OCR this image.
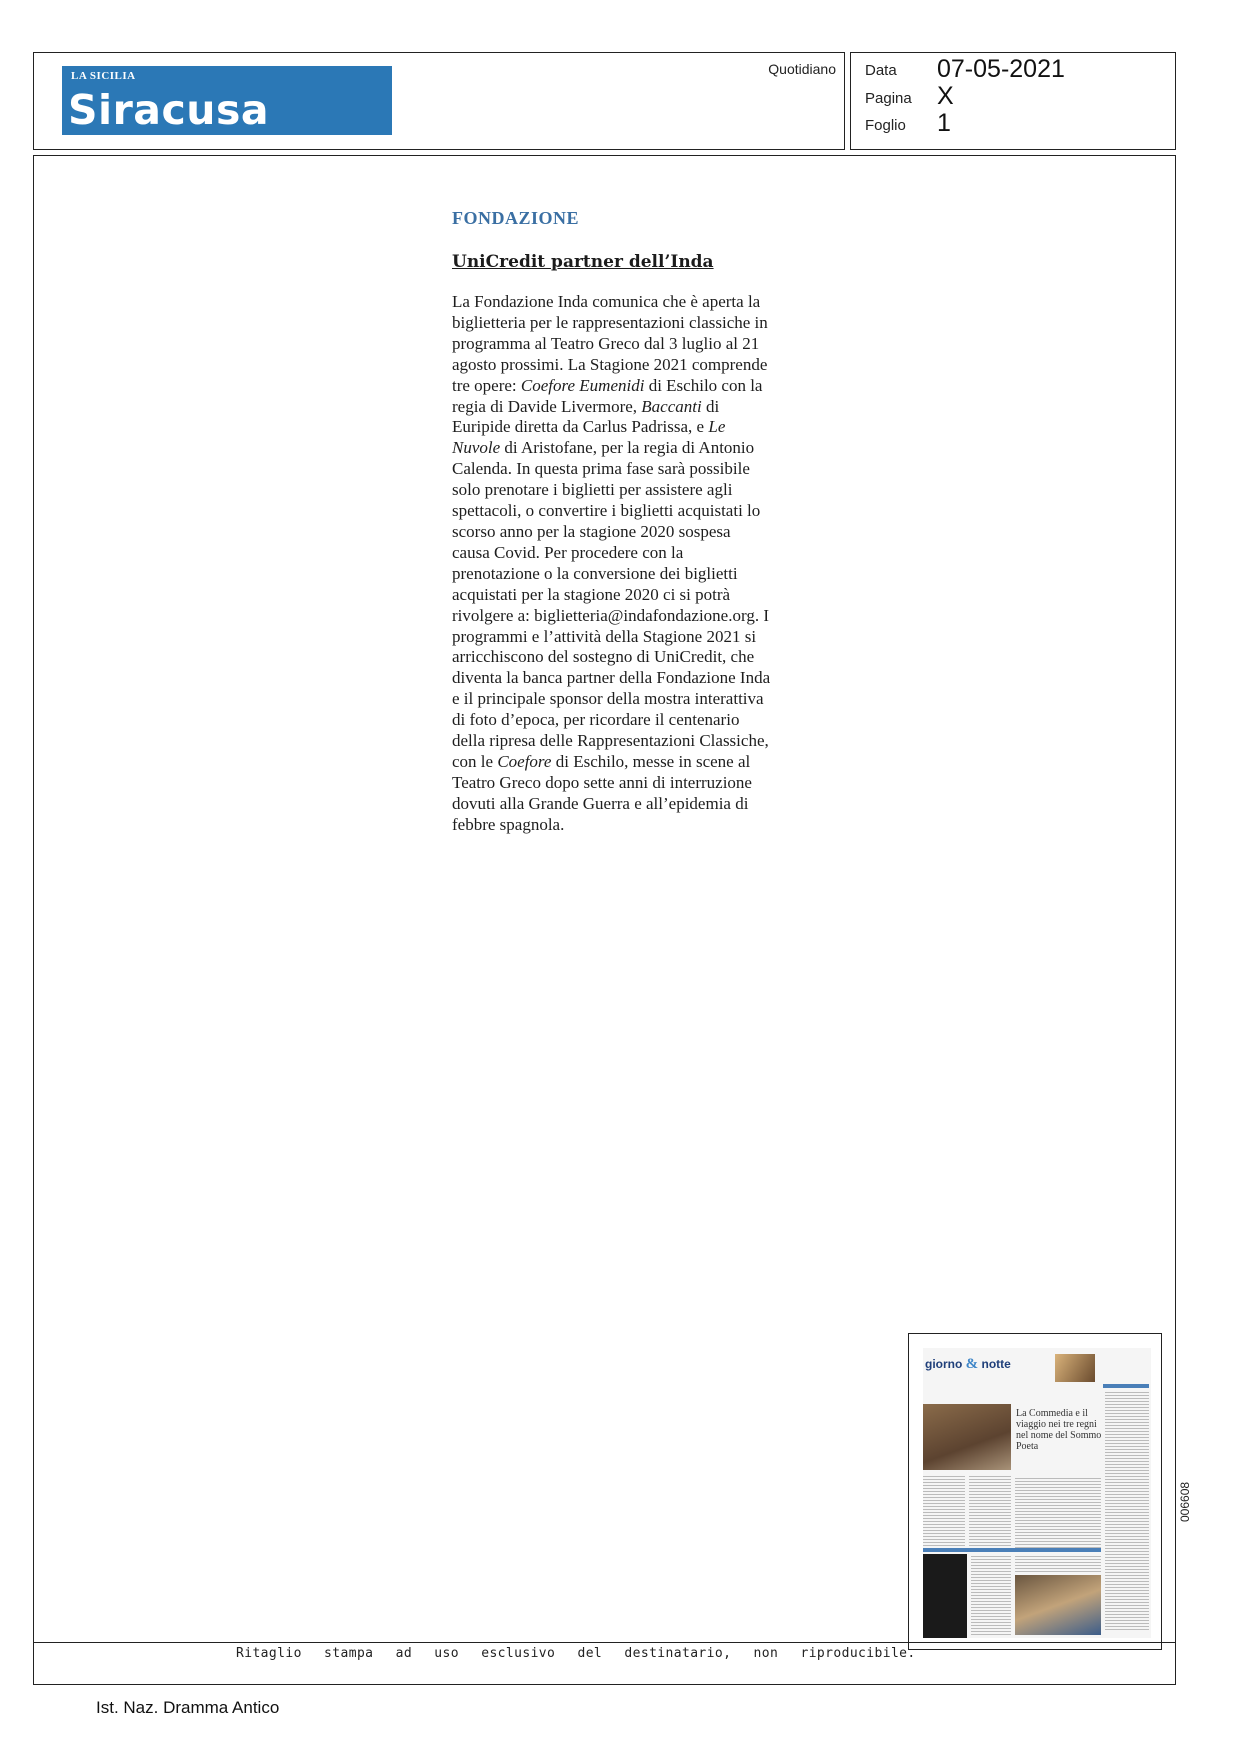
LA SICILIA
Siracusa
Quotidiano Data 07-05-2021
Pagina X
Foglio 1
FONDAZIONE
UniCredit partner dell’Inda
La Fondazione Inda comunica che è aperta la biglietteria per le rappresentazioni classiche in programma al Teatro Greco dal 3 luglio al 21 agosto prossimi. La Stagione 2021 comprende tre opere: Coefore Eumenidi di Eschilo con la regia di Davide Livermore, Baccanti di Euripide diretta da Carlus Padrissa, e Le Nuvole di Aristofane, per la regia di Antonio Calenda. In questa prima fase sarà possibile solo prenotare i biglietti per assistere agli spettacoli, o convertire i biglietti acquistati lo scorso anno per la stagione 2020 sospesa causa Covid. Per procedere con la prenotazione o la conversione dei biglietti acquistati per la stagione 2020 ci si potrà rivolgere a: biglietteria@indafondazione.org. I programmi e l’attività della Stagione 2021 si arricchiscono del sostegno di UniCredit, che diventa la banca partner della Fondazione Inda e il principale sponsor della mostra interattiva di foto d’epoca, per ricordare il centenario della ripresa delle Rappresentazioni Classiche, con le Coefore di Eschilo, messe in scene al Teatro Greco dopo sette anni di interruzione dovuti alla Grande Guerra e all’epidemia di febbre spagnola.
giorno & notte
La Commedia e il viaggio nei tre regni nel nome del Sommo Poeta
006608
Ritaglio stampa ad uso esclusivo del destinatario, non riproducibile.
Ist. Naz. Dramma Antico
